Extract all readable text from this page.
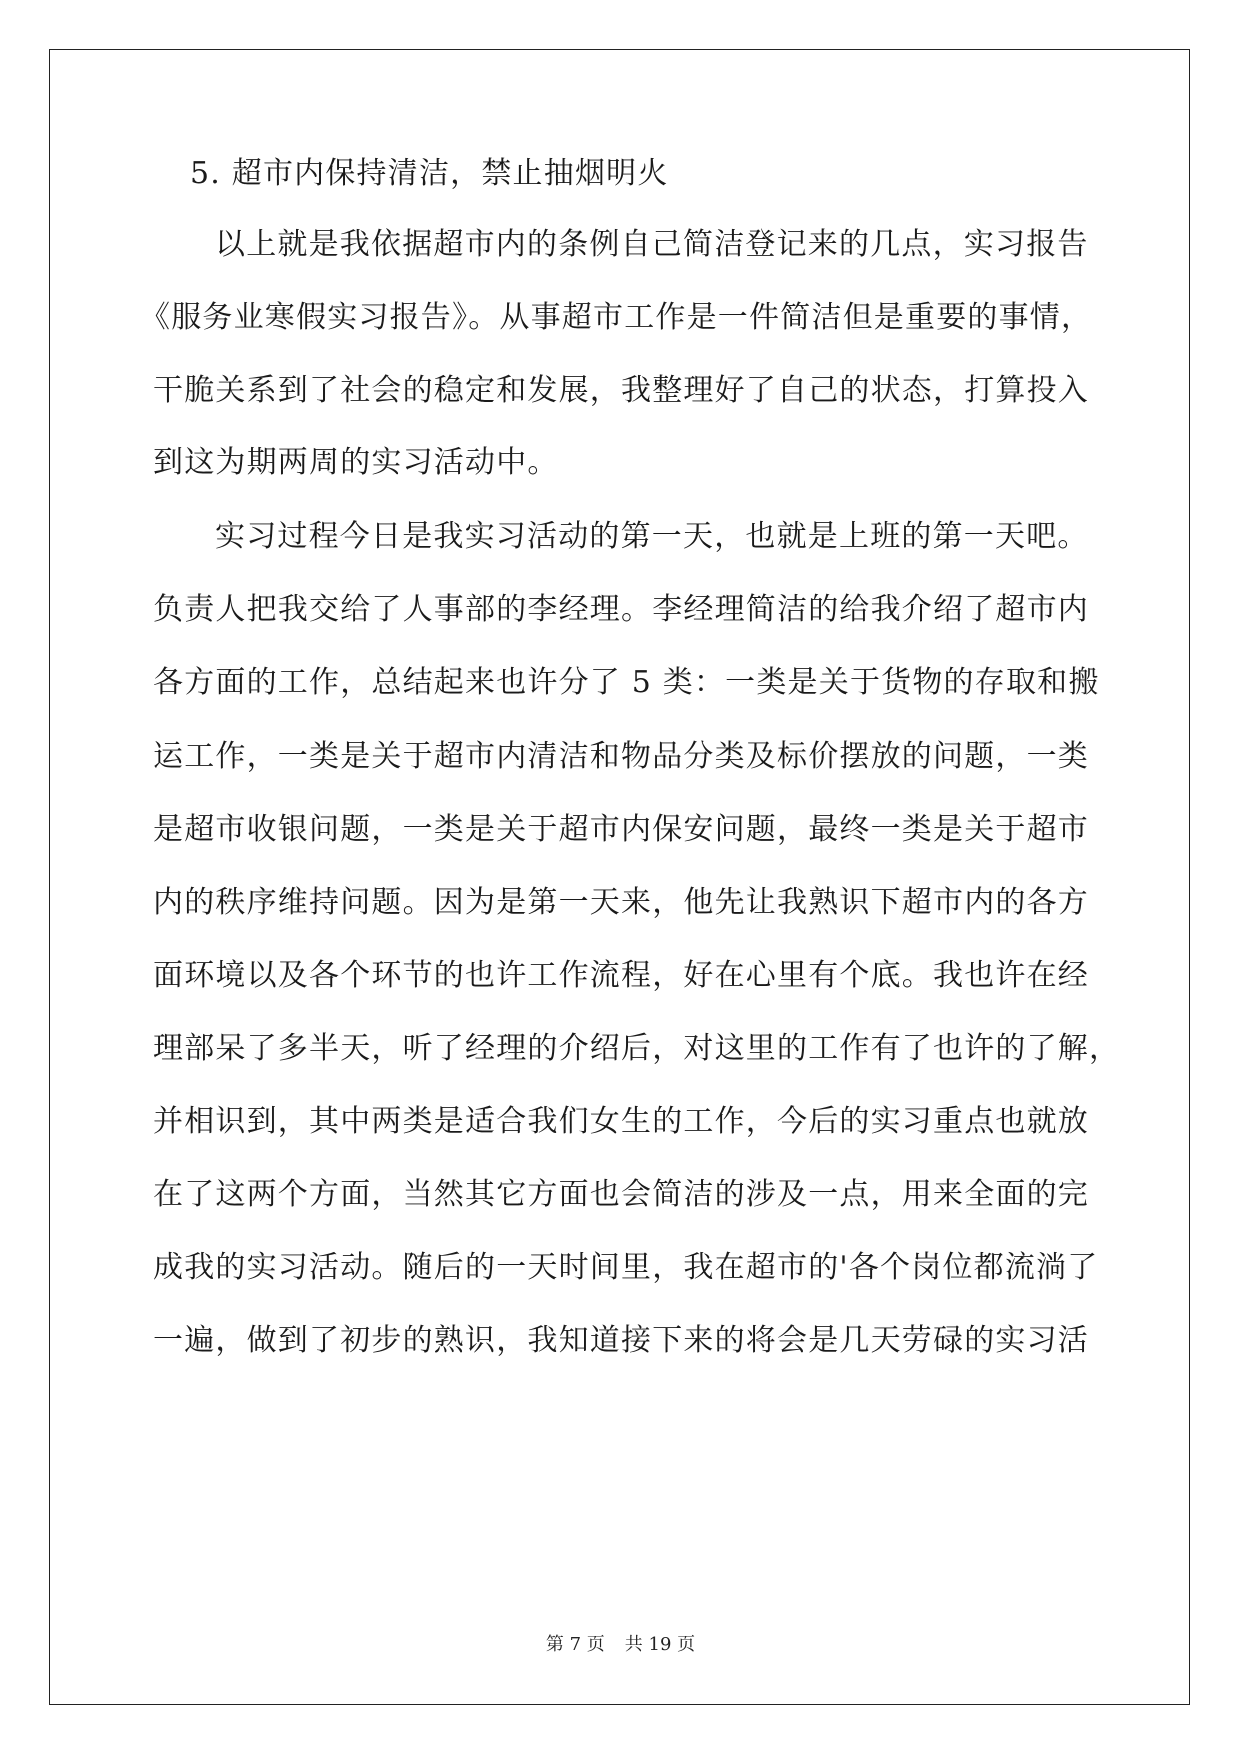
5. 超市内保持清洁，禁止抽烟明火
以上就是我依据超市内的条例自己简洁登记来的几点，实习报告
《服务业寒假实习报告》。从事超市工作是一件简洁但是重要的事情，
干脆关系到了社会的稳定和发展，我整理好了自己的状态，打算投入
到这为期两周的实习活动中。
实习过程今日是我实习活动的第一天，也就是上班的第一天吧。
负责人把我交给了人事部的李经理。李经理简洁的给我介绍了超市内
各方面的工作，总结起来也许分了 5 类：一类是关于货物的存取和搬
运工作，一类是关于超市内清洁和物品分类及标价摆放的问题，一类
是超市收银问题，一类是关于超市内保安问题，最终一类是关于超市
内的秩序维持问题。因为是第一天来，他先让我熟识下超市内的各方
面环境以及各个环节的也许工作流程，好在心里有个底。我也许在经
理部呆了多半天，听了经理的介绍后，对这里的工作有了也许的了解，
并相识到，其中两类是适合我们女生的工作，今后的实习重点也就放
在了这两个方面，当然其它方面也会简洁的涉及一点，用来全面的完
成我的实习活动。随后的一天时间里，我在超市的'各个岗位都流淌了
一遍，做到了初步的熟识，我知道接下来的将会是几天劳碌的实习活
第 7 页 共 19 页
